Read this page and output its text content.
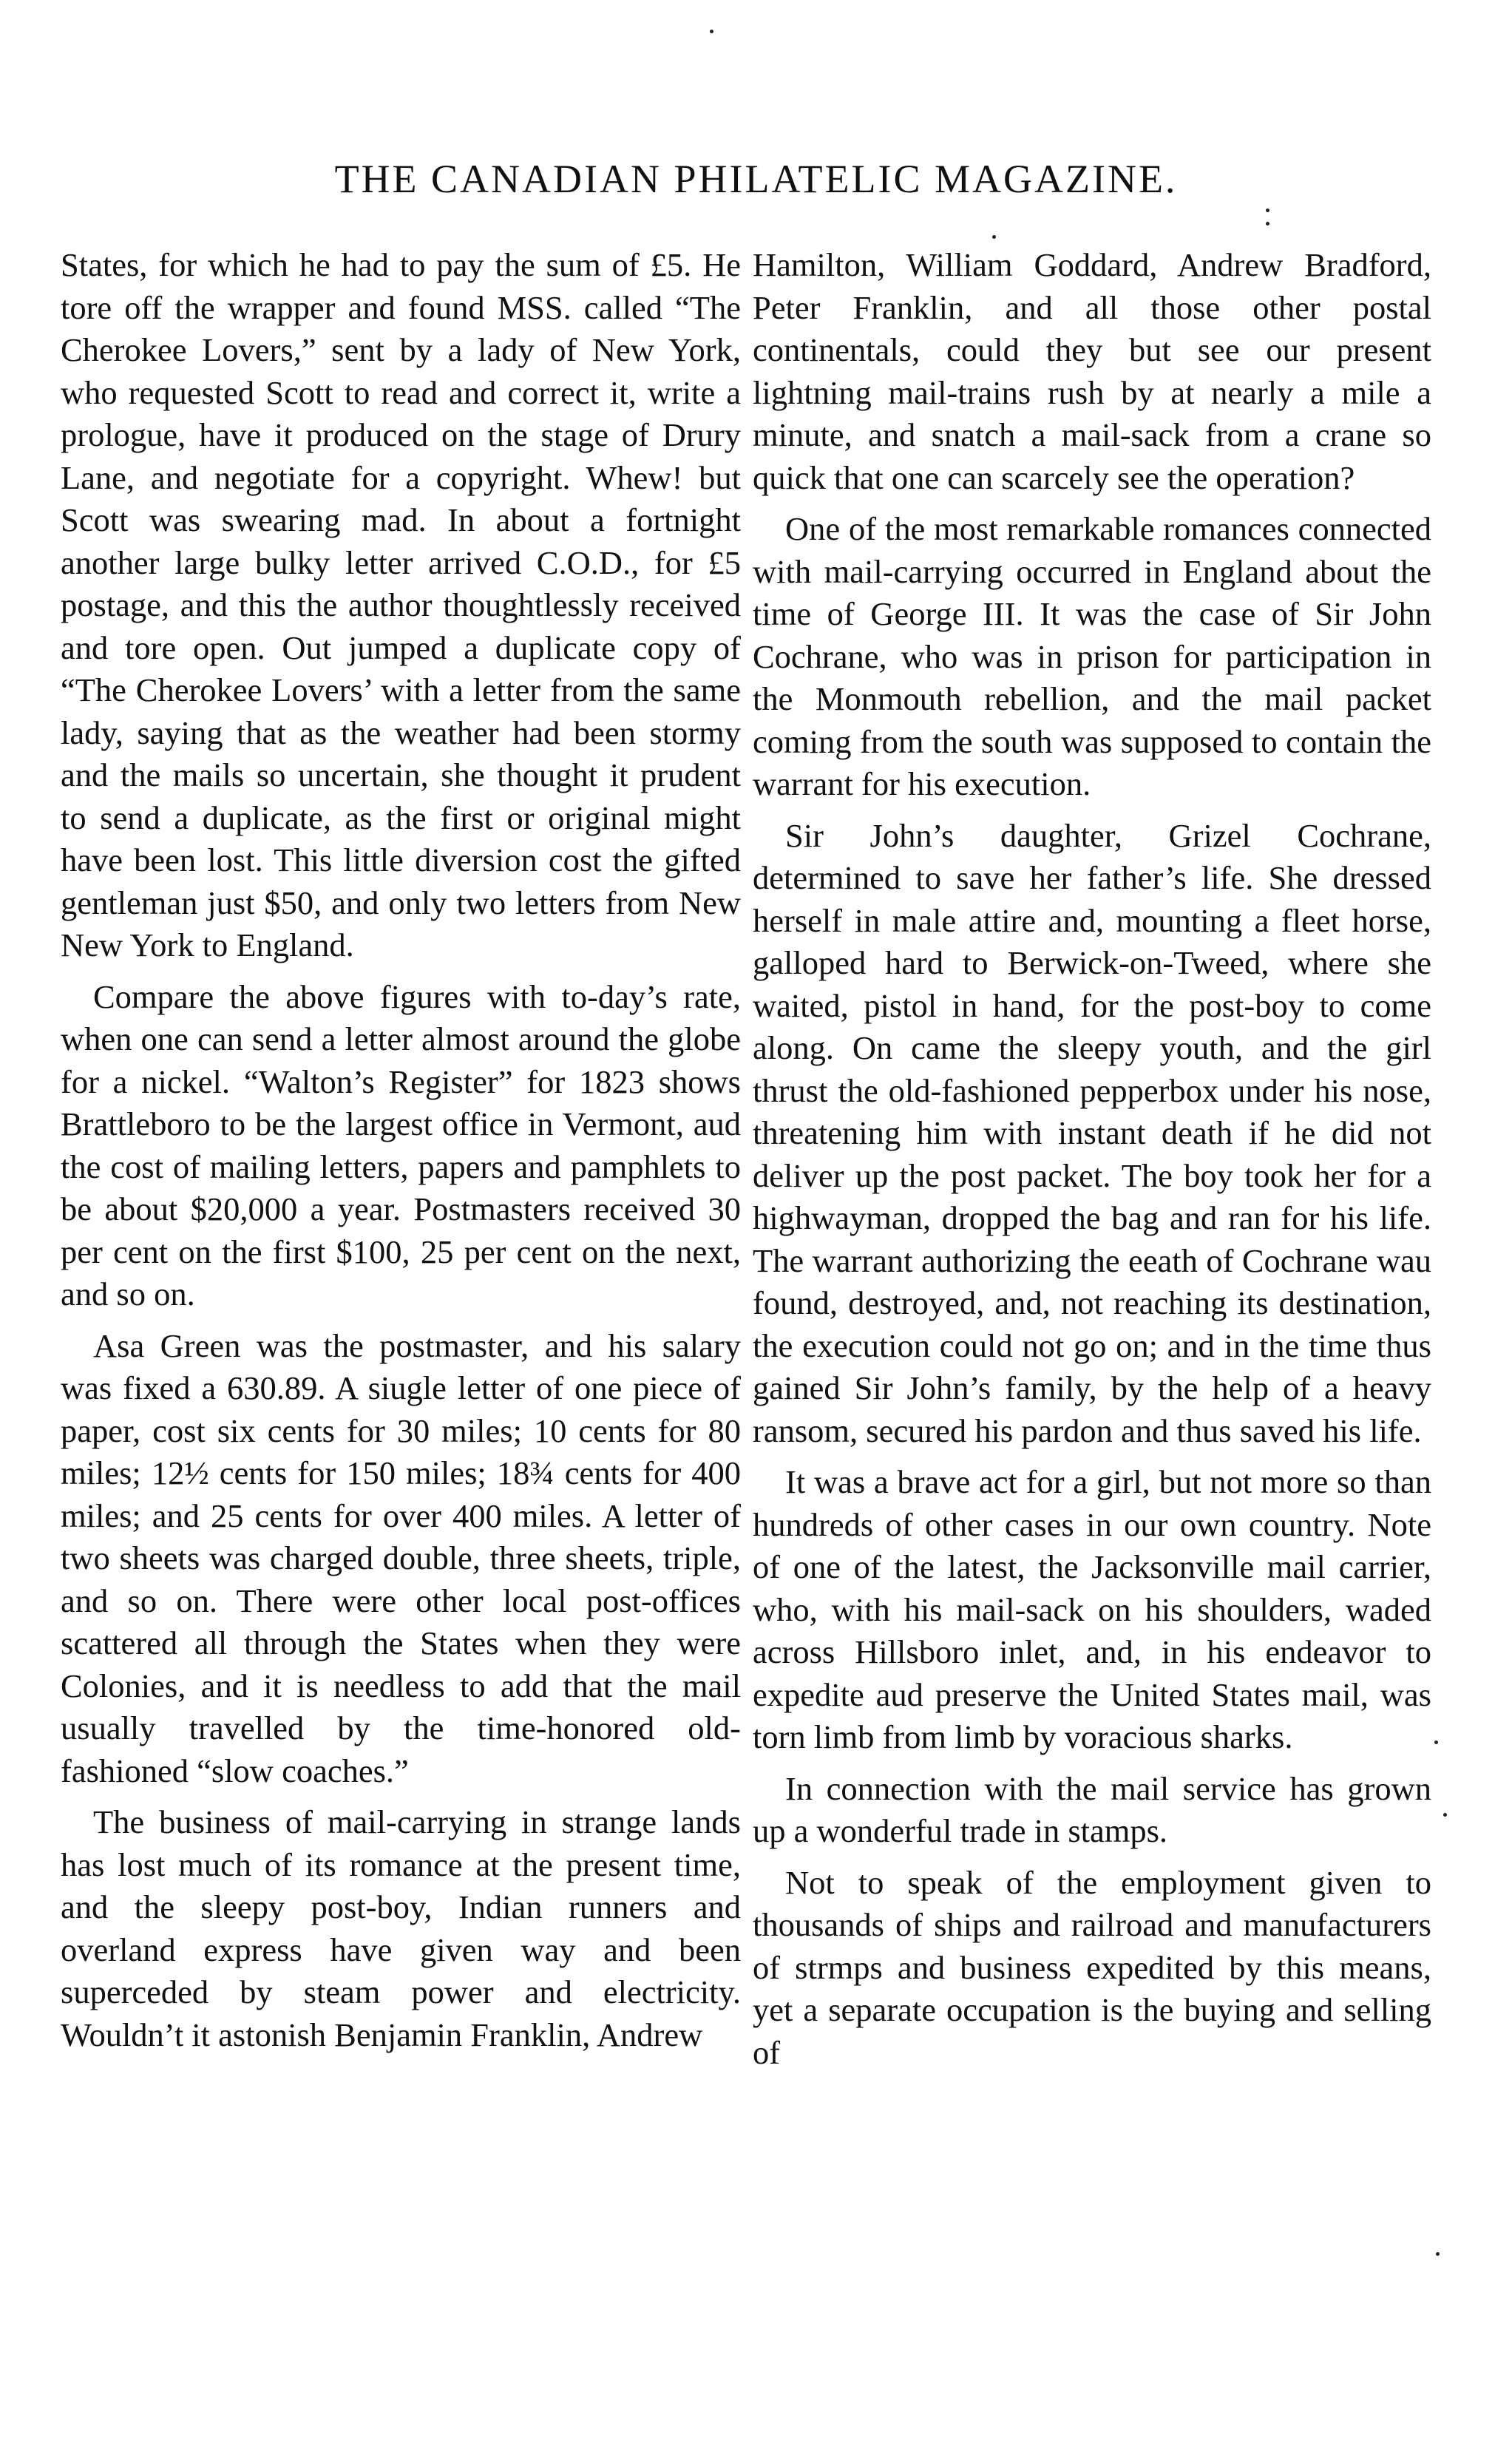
THE CANADIAN PHILATELIC MAGAZINE.

States, for which he had to pay the sum of £5. He tore off the wrapper and found MSS. called “The Cherokee Lovers,” sent by a lady of New York, who requested Scott to read and correct it, write a prologue, have it produced on the stage of Drury Lane, and negotiate for a copyright. Whew! but Scott was swearing mad. In about a fortnight another large bulky letter arrived C.O.D., for £5 postage, and this the author thoughtlessly received and tore open. Out jumped a duplicate copy of “The Cherokee Lovers’ with a letter from the same lady, saying that as the weather had been stormy and the mails so uncertain, she thought it prudent to send a duplicate, as the first or original might have been lost. This little diversion cost the gifted gentleman just $50, and only two letters from New New York to England.

Compare the above figures with to-day’s rate, when one can send a letter almost around the globe for a nickel. “Walton’s Register” for 1823 shows Brattleboro to be the largest office in Vermont, aud the cost of mailing letters, papers and pamphlets to be about $20,000 a year. Postmasters received 30 per cent on the first $100, 25 per cent on the next, and so on.

Asa Green was the postmaster, and his salary was fixed a 630.89. A siugle letter of one piece of paper, cost six cents for 30 miles; 10 cents for 80 miles; 12½ cents for 150 miles; 18¾ cents for 400 miles; and 25 cents for over 400 miles. A letter of two sheets was charged double, three sheets, triple, and so on. There were other local post-offices scattered all through the States when they were Colonies, and it is needless to add that the mail usually travelled by the time-honored old-fashioned “slow coaches.”

The business of mail-carrying in strange lands has lost much of its romance at the present time, and the sleepy post-boy, Indian runners and overland express have given way and been superceded by steam power and electricity. Wouldn’t it astonish Benjamin Franklin, Andrew

Hamilton, William Goddard, Andrew Bradford, Peter Franklin, and all those other postal continentals, could they but see our present lightning mail-trains rush by at nearly a mile a minute, and snatch a mail-sack from a crane so quick that one can scarcely see the operation?

One of the most remarkable romances connected with mail-carrying occurred in England about the time of George III. It was the case of Sir John Cochrane, who was in prison for participation in the Monmouth rebellion, and the mail packet coming from the south was supposed to contain the warrant for his execution.

Sir John’s daughter, Grizel Cochrane, determined to save her father’s life. She dressed herself in male attire and, mounting a fleet horse, galloped hard to Berwick-on-Tweed, where she waited, pistol in hand, for the post-boy to come along. On came the sleepy youth, and the girl thrust the old-fashioned pepperbox under his nose, threatening him with instant death if he did not deliver up the post packet. The boy took her for a highwayman, dropped the bag and ran for his life. The warrant authorizing the eeath of Cochrane wau found, destroyed, and, not reaching its destination, the execution could not go on; and in the time thus gained Sir John’s family, by the help of a heavy ransom, secured his pardon and thus saved his life.

It was a brave act for a girl, but not more so than hundreds of other cases in our own country. Note of one of the latest, the Jacksonville mail carrier, who, with his mail-sack on his shoulders, waded across Hillsboro inlet, and, in his endeavor to expedite aud preserve the United States mail, was torn limb from limb by voracious sharks.

In connection with the mail service has grown up a wonderful trade in stamps.

Not to speak of the employment given to thousands of ships and railroad and manufacturers of strmps and business expedited by this means, yet a separate occupation is the buying and selling of
